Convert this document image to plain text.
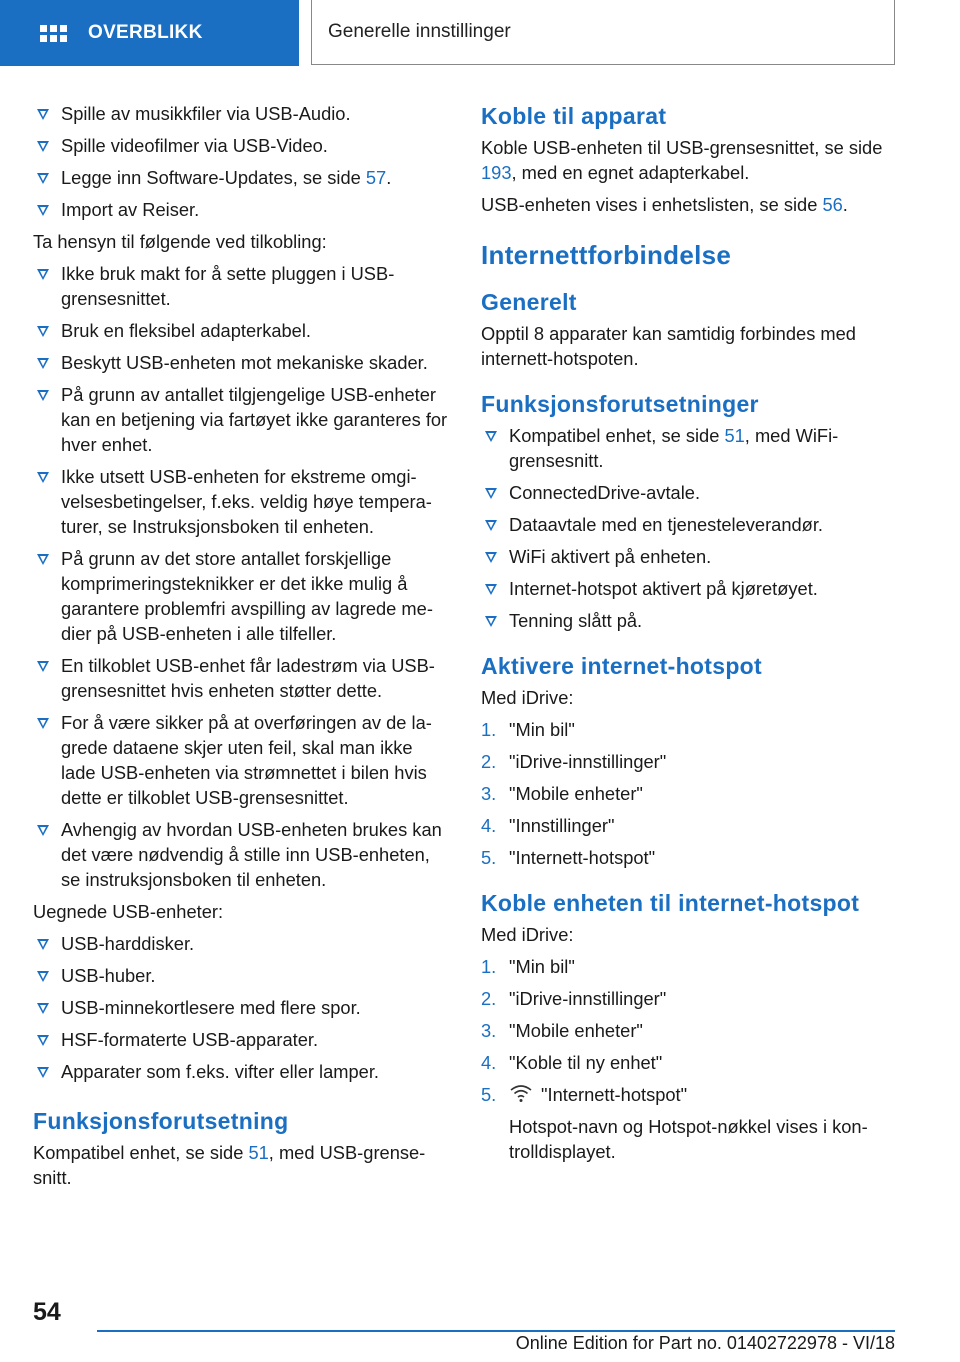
OVERBLIKK	Generelle innstillinger
Spille av musikkfiler via USB-Audio.
Spille videofilmer via USB-Video.
Legge inn Software-Updates, se side 57.
Import av Reiser.

Ta hensyn til følgende ved tilkobling:

Ikke bruk makt for å sette pluggen i USB-grensesnittet.
Bruk en fleksibel adapterkabel.
Beskytt USB-enheten mot mekaniske skader.
På grunn av antallet tilgjengelige USB-enheter kan en betjening via fartøyet ikke garanteres for hver enhet.
Ikke utsett USB-enheten for ekstreme omgivelsesbetingelser, f.eks. veldig høye temperaturer, se Instruksjonsboken til enheten.
På grunn av det store antallet forskjellige komprimeringsteknikker er det ikke mulig å garantere problemfri avspilling av lagrede medier på USB-enheten i alle tilfeller.
En tilkoblet USB-enhet får ladestrøm via USB-grensesnittet hvis enheten støtter dette.
For å være sikker på at overføringen av de lagrede dataene skjer uten feil, skal man ikke lade USB-enheten via strømnettet i bilen hvis dette er tilkoblet USB-grensesnittet.
Avhengig av hvordan USB-enheten brukes kan det være nødvendig å stille inn USB-enheten, se instruksjonsboken til enheten.

Uegnede USB-enheter:

USB-harddisker.
USB-huber.
USB-minnekortlesere med flere spor.
HSF-formaterte USB-apparater.
Apparater som f.eks. vifter eller lamper.
Funksjonsforutsetning

Kompatibel enhet, se side 51, med USB-grensesnitt.

Koble til apparat

Koble USB-enheten til USB-grensesnittet, se side 193, med en egnet adapterkabel.

USB-enheten vises i enhetslisten, se side 56.

Internettforbindelse
Generelt

Opptil 8 apparater kan samtidig forbindes med internett-hotspoten.

Funksjonsforutsetninger
Kompatibel enhet, se side 51, med WiFi-grensesnitt.
ConnectedDrive-avtale.
Dataavtale med en tjenesteleverandør.
WiFi aktivert på enheten.
Internet-hotspot aktivert på kjøretøyet.
Tenning slått på.
Aktivere internet-hotspot

Med iDrive:

1. "Min bil"
2. "iDrive-innstillinger"
3. "Mobile enheter"
4. "Innstillinger"
5. "Internett-hotspot"
Koble enheten til internet-hotspot

Med iDrive:

1. "Min bil"
2. "iDrive-innstillinger"
3. "Mobile enheter"
4. "Koble til ny enhet"
5. "Internett-hotspot"

Hotspot-navn og Hotspot-nøkkel vises i kontrolldisplayet.

54
Online Edition for Part no. 01402722978 - VI/18
